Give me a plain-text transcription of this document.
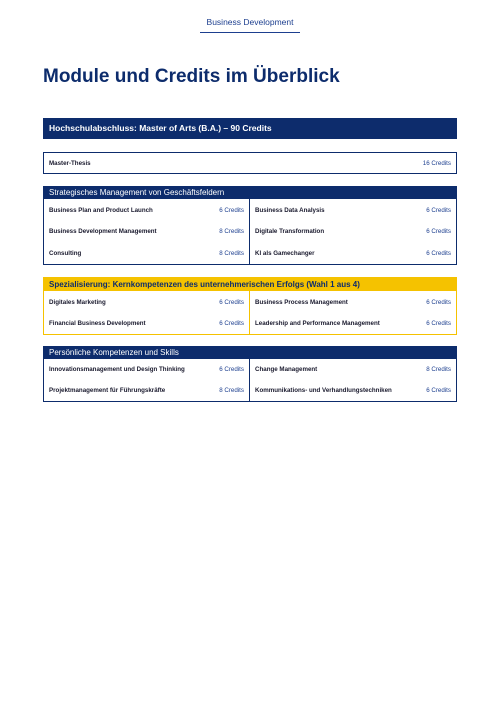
Business Development
Module und Credits im Überblick
Hochschulabschluss: Master of Arts (B.A.) – 90 Credits
Master-Thesis	16 Credits
Strategisches Management von Geschäftsfeldern
Business Plan and Product Launch	6 Credits Business Data Analysis	6 Credits
Business Development Management	8 Credits Digitale Transformation	6 Credits
Consulting	8 Credits KI als Gamechanger	6 Credits
Spezialisierung: Kernkompetenzen des unternehmerischen Erfolgs (Wahl 1 aus 4)
Digitales Marketing	6 Credits Business Process Management	6 Credits
Financial Business Development	6 Credits Leadership and Performance Management	6 Credits
Persönliche Kompetenzen und Skills
Innovationsmanagement und Design Thinking	6 Credits Change Management	8 Credits
Projektmanagement für Führungskräfte	8 Credits Kommunikations- und Verhandlungstechniken	6 Credits
